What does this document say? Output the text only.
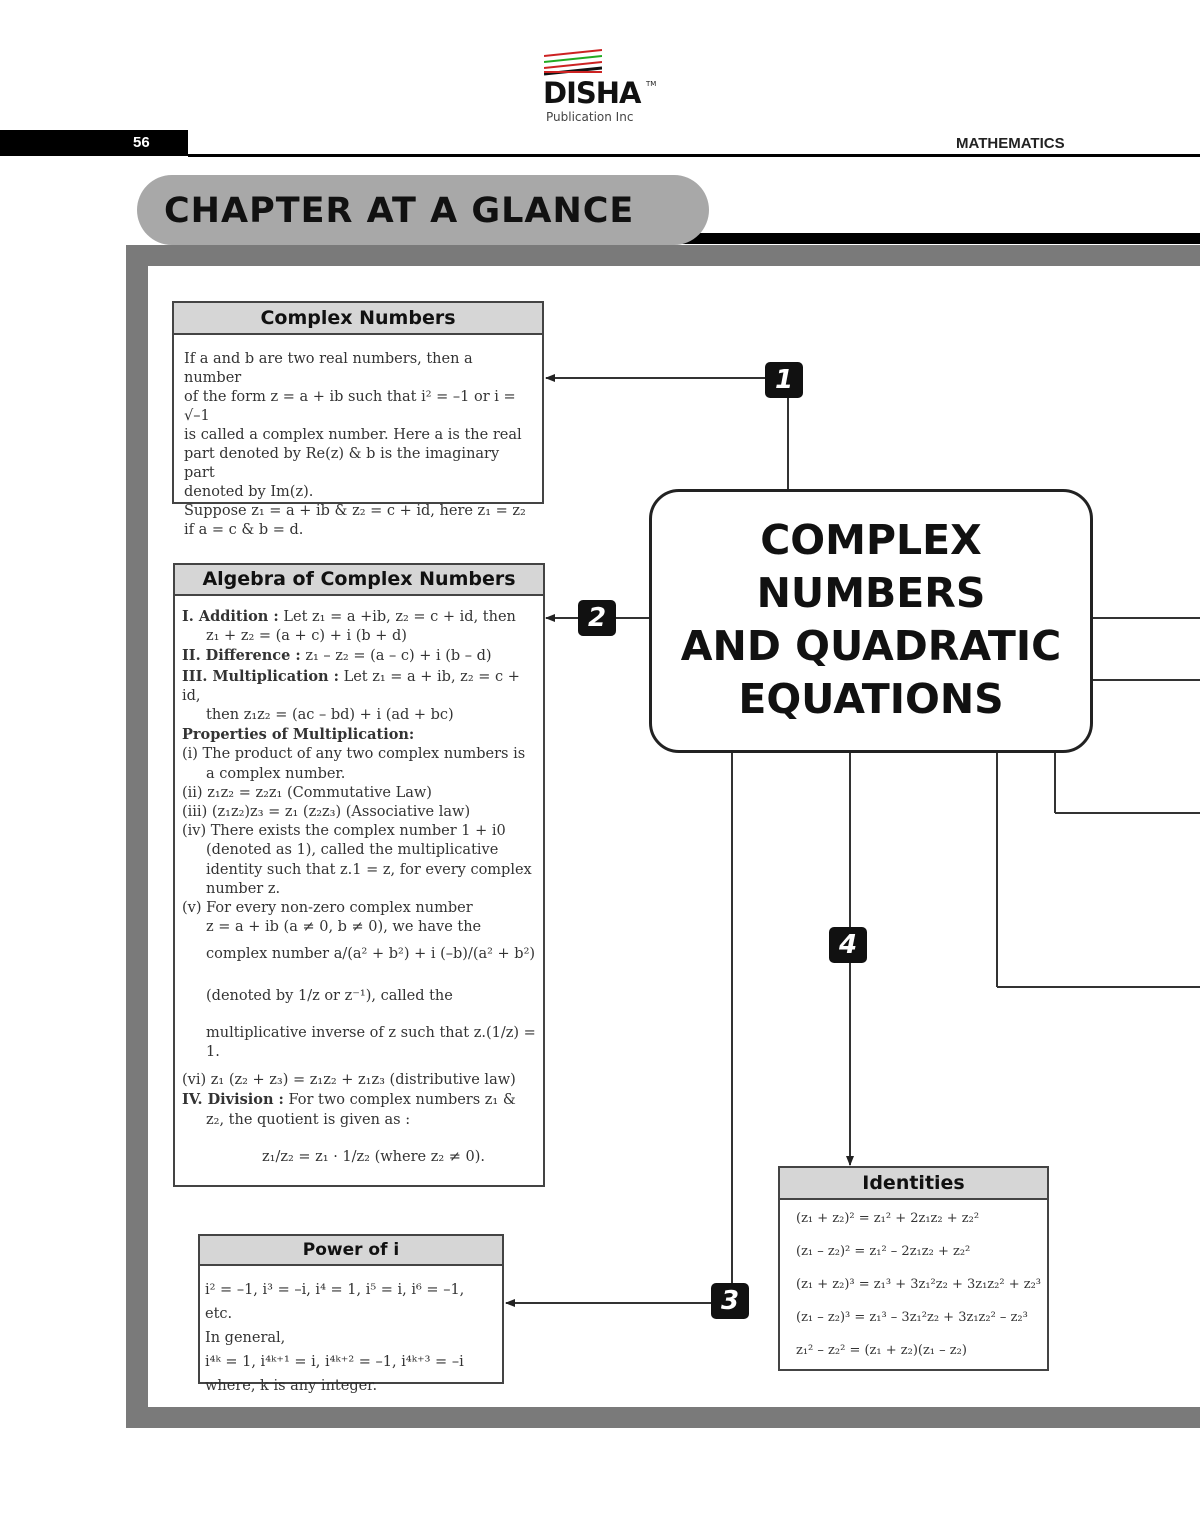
DISHA TM
Publication Inc
56	MATHEMATICS
CHAPTER AT A GLANCE
1
2
3
4
COMPLEX
NUMBERS
AND QUADRATIC
EQUATIONS
Complex Numbers

If a and b are two real numbers, then a number

of the form z = a + ib such that i² = –1 or i = √–1

is called a complex number. Here a is the real

part denoted by Re(z) & b is the imaginary part

denoted by Im(z).

Suppose z₁ = a + ib & z₂ = c + id, here z₁ = z₂

if a = c & b = d.

Algebra of Complex Numbers

I. Addition : Let z₁ = a +ib, z₂ = c + id, then

z₁ + z₂ = (a + c) + i (b + d)

II. Difference : z₁ – z₂ = (a – c) + i (b – d)

III. Multiplication : Let z₁ = a + ib, z₂ = c + id,

then z₁z₂ = (ac – bd) + i (ad + bc)

Properties of Multiplication:

(i) The product of any two complex numbers is

a complex number.

(ii) z₁z₂ = z₂z₁ (Commutative Law)

(iii) (z₁z₂)z₃ = z₁ (z₂z₃) (Associative law)

(iv) There exists the complex number 1 + i0

(denoted as 1), called the multiplicative

identity such that z.1 = z, for every complex

number z.

(v) For every non-zero complex number

z = a + ib (a ≠ 0, b ≠ 0), we have the

complex number a/(a² + b²) + i (–b)/(a² + b²)

(denoted by 1/z or z⁻¹), called the

multiplicative inverse of z such that z.(1/z) = 1.

(vi) z₁ (z₂ + z₃) = z₁z₂ + z₁z₃ (distributive law)

IV. Division : For two complex numbers z₁ &

z₂, the quotient is given as :

z₁/z₂ = z₁ · 1/z₂ (where z₂ ≠ 0).

Power of i

i² = –1, i³ = –i, i⁴ = 1, i⁵ = i, i⁶ = –1, etc.

In general,

i⁴ᵏ = 1, i⁴ᵏ⁺¹ = i, i⁴ᵏ⁺² = –1, i⁴ᵏ⁺³ = –i

where, k is any integer.

Identities
(z₁ + z₂)² = z₁² + 2z₁z₂ + z₂²
(z₁ – z₂)² = z₁² – 2z₁z₂ + z₂²
(z₁ + z₂)³ = z₁³ + 3z₁²z₂ + 3z₁z₂² + z₂³
(z₁ – z₂)³ = z₁³ – 3z₁²z₂ + 3z₁z₂² – z₂³
z₁² – z₂² = (z₁ + z₂)(z₁ – z₂)
